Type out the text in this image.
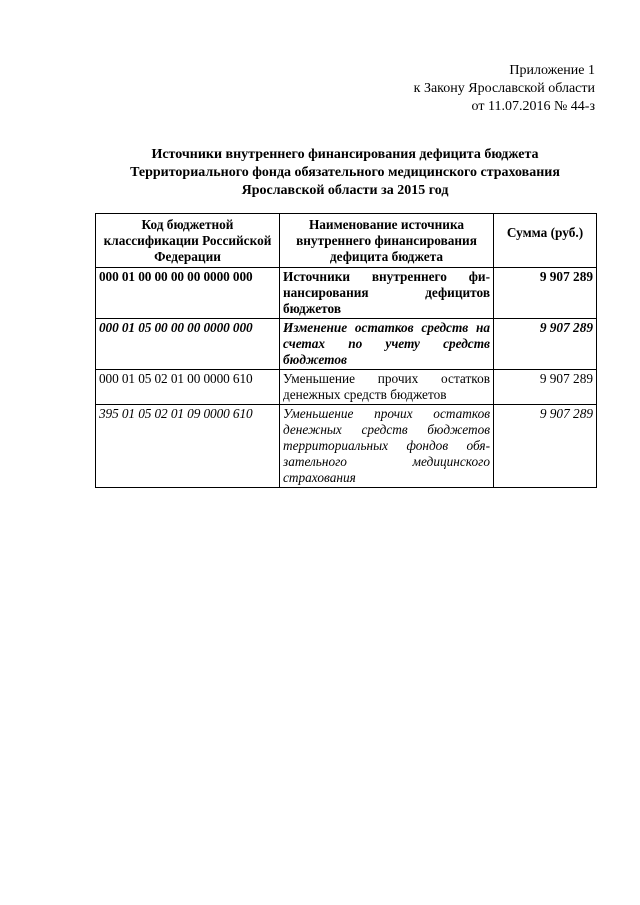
Приложение 1
к Закону Ярославской области
от 11.07.2016 № 44-з
Источники внутреннего финансирования дефицита бюджета
Территориального фонда обязательного медицинского страхования
Ярославской области за 2015 год
Код бюджетной классификации Российской Федерации	Наименование источника внутреннего финансирования дефицита бюджета	Сумма (руб.)

000 01 00 00 00 00 0000 000	Источники внутреннего финансирования дефицитов бюджетов	9 907 289
000 01 05 00 00 00 0000 000	Изменение остатков средств на счетах по учету средств бюджетов	9 907 289
000 01 05 02 01 00 0000 610	Уменьшение прочих остатков денежных средств бюджетов	9 907 289
395 01 05 02 01 09 0000 610	Уменьшение прочих остатков денежных средств бюджетов территориальных фондов обязательного медицинского страхования	9 907 289
